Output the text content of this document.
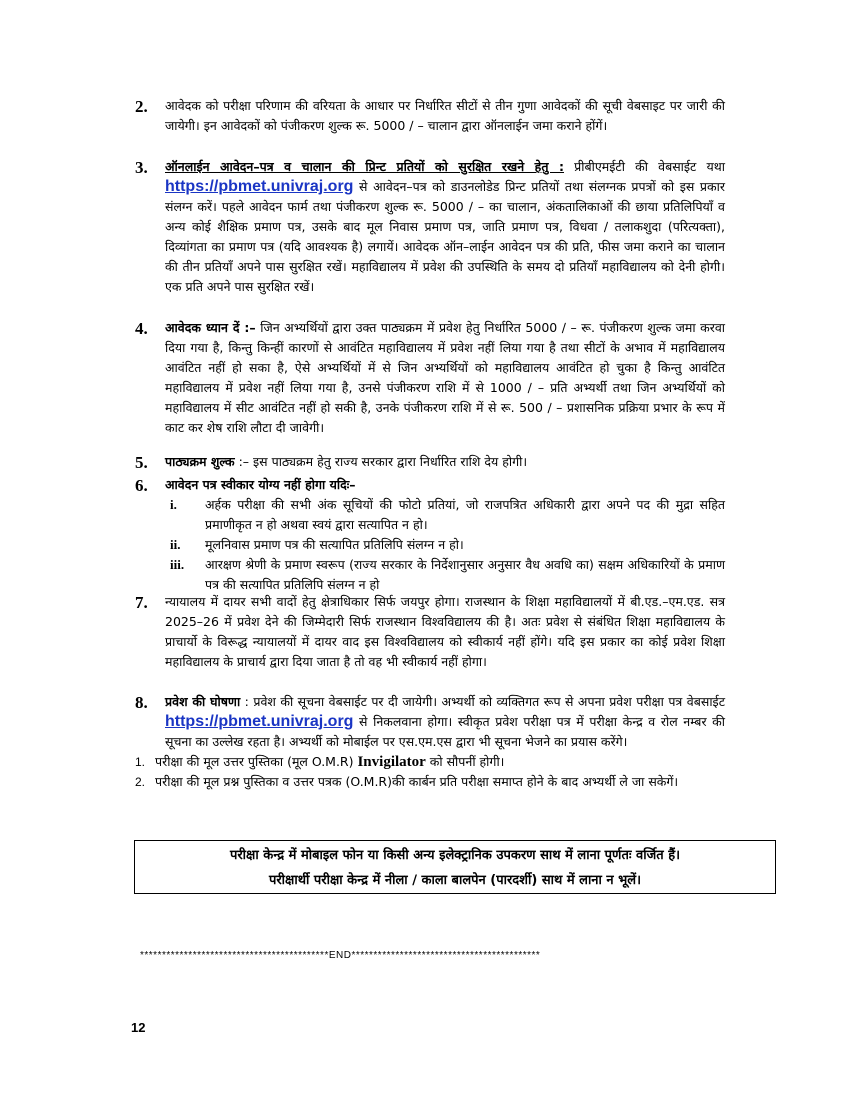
2. आवेदक को परीक्षा परिणाम की वरियता के आधार पर निर्धारित सीटों से तीन गुणा आवेदकों की सूची वेबसाइट पर जारी की जायेगी। इन आवेदकों को पंजीकरण शुल्क रू. 5000 ∕ – चालान द्वारा ऑनलाईन जमा कराने होंगें।
3. ऑनलाईन आवेदन–पत्र व चालान की प्रिन्ट प्रतियों को सुरक्षित रखने हेतु : प्रीबीएमईटी की वेबसाईट यथा https://pbmet.univraj.org से आवेदन–पत्र को डाउनलोडेड प्रिन्ट प्रतियों तथा संलग्नक प्रपत्रों को इस प्रकार संलग्न करें। पहले आवेदन फार्म तथा पंजीकरण शुल्क रू. 5000 ∕ – का चालान, अंकतालिकाओं की छाया प्रतिलिपियाँ व अन्य कोई शैक्षिक प्रमाण पत्र, उसके बाद मूल निवास प्रमाण पत्र, जाति प्रमाण पत्र, विधवा ∕ तलाकशुदा (परित्यक्ता), दिव्यांगता का प्रमाण पत्र (यदि आवश्यक है) लगायें। आवेदक ऑन–लाईन आवेदन पत्र की प्रति, फीस जमा कराने का चालान की तीन प्रतियाँ अपने पास सुरक्षित रखें। महाविद्यालय में प्रवेश की उपस्थिति के समय दो प्रतियाँ महाविद्यालय को देनी होगी। एक प्रति अपने पास सुरक्षित रखें।
4. आवेदक ध्यान दें :– जिन अभ्यर्थियों द्वारा उक्त पाठ्यक्रम में प्रवेश हेतु निर्धारित 5000 ∕ – रू. पंजीकरण शुल्क जमा करवा दिया गया है, किन्तु किन्हीं कारणों से आवंटित महाविद्यालय में प्रवेश नहीं लिया गया है तथा सीटों के अभाव में महाविद्यालय आवंटित नहीं हो सका है, ऐसे अभ्यर्थियों में से जिन अभ्यर्थियों को महाविद्यालय आवंटित हो चुका है किन्तु आवंटित महाविद्यालय में प्रवेश नहीं लिया गया है, उनसे पंजीकरण राशि में से 1000 ∕ – प्रति अभ्यर्थी तथा जिन अभ्यर्थियों को महाविद्यालय में सीट आवंटित नहीं हो सकी है, उनके पंजीकरण राशि में से रू. 500 ∕ – प्रशासनिक प्रक्रिया प्रभार के रूप में काट कर शेष राशि लौटा दी जावेगी।
5. पाठ्यक्रम शुल्क :– इस पाठ्यक्रम हेतु राज्य सरकार द्वारा निर्धारित राशि देय होगी।
6. आवेदन पत्र स्वीकार योग्य नहीं होगा यदिः–
i. अर्हक परीक्षा की सभी अंक सूचियों की फोटो प्रतियां, जो राजपत्रित अधिकारी द्वारा अपने पद की मुद्रा सहित प्रमाणीकृत न हो अथवा स्वयं द्वारा सत्यापित न हो।
ii. मूलनिवास प्रमाण पत्र की सत्यापित प्रतिलिपि संलग्न न हो।
iii. आरक्षण श्रेणी के प्रमाण स्वरूप (राज्य सरकार के निर्देशानुसार अनुसार वैध अवधि का) सक्षम अधिकारियों के प्रमाण पत्र की सत्यापित प्रतिलिपि संलग्न न हो
7. न्यायालय में दायर सभी वादों हेतु क्षेत्राधिकार सिर्फ जयपुर होगा। राजस्थान के शिक्षा महाविद्यालयों में बी.एड.–एम.एड. सत्र 2025–26 में प्रवेश देने की जिम्मेदारी सिर्फ राजस्थान विश्वविद्यालय की है। अतः प्रवेश से संबंधित शिक्षा महाविद्यालय के प्राचार्यो के विरूद्ध न्यायालयों में दायर वाद इस विश्वविद्यालय को स्वीकार्य नहीं होंगे। यदि इस प्रकार का कोई प्रवेश शिक्षा महाविद्यालय के प्राचार्य द्वारा दिया जाता है तो वह भी स्वीकार्य नहीं होगा।
8. प्रवेश की घोषणा : प्रवेश की सूचना वेबसाईट पर दी जायेगी। अभ्यर्थी को व्यक्तिगत रूप से अपना प्रवेश परीक्षा पत्र वेबसाईट https://pbmet.univraj.org से निकलवाना होगा। स्वीकृत प्रवेश परीक्षा पत्र में परीक्षा केन्द्र व रोल नम्बर की सूचना का उल्लेख रहता है। अभ्यर्थी को मोबाईल पर एस.एम.एस द्वारा भी सूचना भेजने का प्रयास करेंगे।
1. परीक्षा की मूल उत्तर पुस्तिका (मूल O.M.R) Invigilator को सौपनीं होगी।
2. परीक्षा की मूल प्रश्न पुस्तिका व उत्तर पत्रक (O.M.R)की कार्बन प्रति परीक्षा समाप्त होने के बाद अभ्यर्थी ले जा सकेगें।
परीक्षा केन्द्र में मोबाइल फोन या किसी अन्य इलेक्ट्रानिक उपकरण साथ में लाना पूर्णतः वर्जित हैं।
परीक्षार्थी परीक्षा केन्द्र में नीला ∕ काला बालपेन (पारदर्शी) साथ में लाना न भूलें।
*******************************************END*******************************************
12
